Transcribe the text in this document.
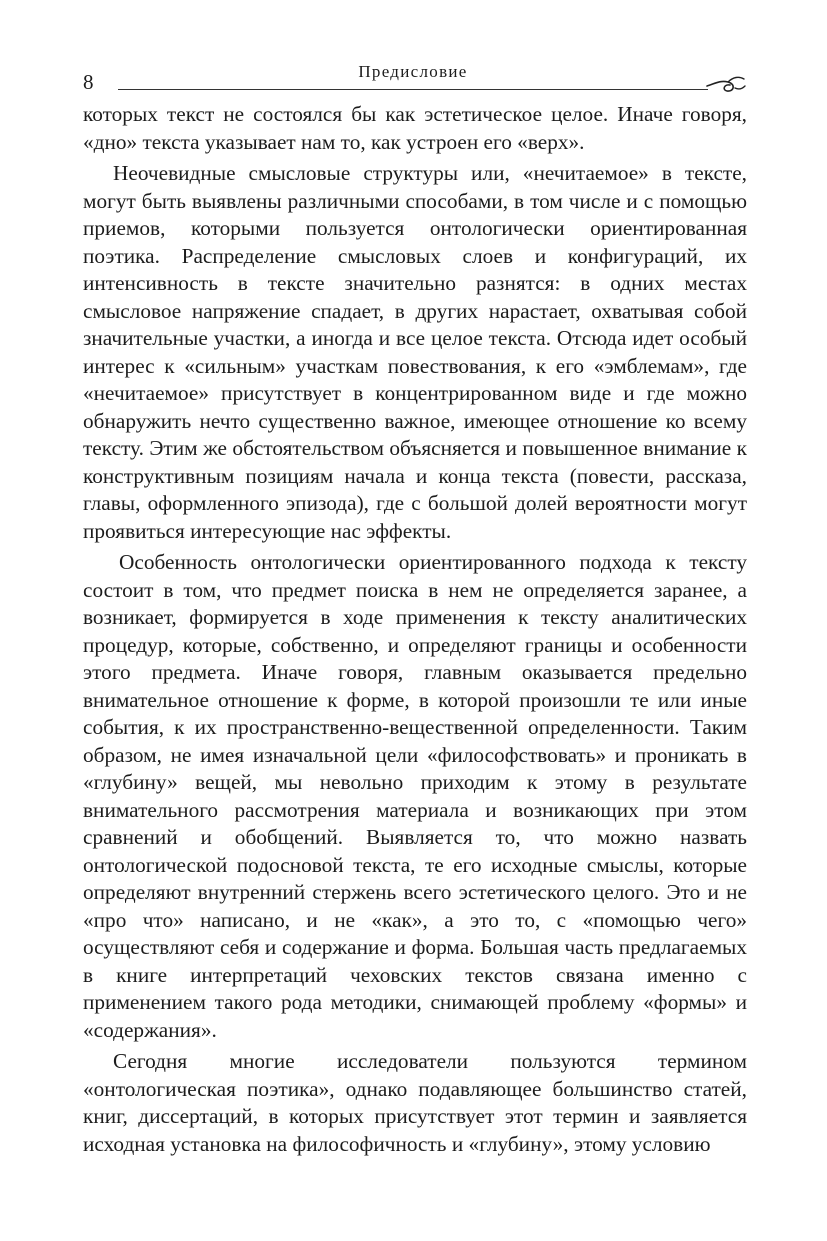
8	Предисловие

которых текст не состоялся бы как эстетическое целое. Иначе говоря, «дно» текста указывает нам то, как устроен его «верх».

Неочевидные смысловые структуры или, «нечитаемое» в тексте, могут быть выявлены различными способами, в том числе и с помощью приемов, которыми пользуется онтологически ориентированная поэтика. Распределение смысловых слоев и конфигураций, их интенсивность в тексте значительно разнятся: в одних местах смысловое напряжение спадает, в других нарастает, охватывая собой значительные участки, а иногда и все целое текста. Отсюда идет особый интерес к «сильным» участкам повествования, к его «эмблемам», где «нечитаемое» присутствует в концентрированном виде и где можно обнаружить нечто существенно важное, имеющее отношение ко всему тексту. Этим же обстоятельством объясняется и повышенное внимание к конструктивным позициям начала и конца текста (повести, рассказа, главы, оформленного эпизода), где с большой долей вероятности могут проявиться интересующие нас эффекты.

Особенность онтологически ориентированного подхода к тексту состоит в том, что предмет поиска в нем не определяется заранее, а возникает, формируется в ходе применения к тексту аналитических процедур, которые, собственно, и определяют границы и особенности этого предмета. Иначе говоря, главным оказывается предельно внимательное отношение к форме, в которой произошли те или иные события, к их пространственно-вещественной определенности. Таким образом, не имея изначальной цели «философствовать» и проникать в «глубину» вещей, мы невольно приходим к этому в результате внимательного рассмотрения материала и возникающих при этом сравнений и обобщений. Выявляется то, что можно назвать онтологической подосновой текста, те его исходные смыслы, которые определяют внутренний стержень всего эстетического целого. Это и не «про что» написано, и не «как», а это то, с «помощью чего» осуществляют себя и содержание и форма. Большая часть предлагаемых в книге интерпретаций чеховских текстов связана именно с применением такого рода методики, снимающей проблему «формы» и «содержания».

Сегодня многие исследователи пользуются термином «онтологическая поэтика», однако подавляющее большинство статей, книг, диссертаций, в которых присутствует этот термин и заявляется исходная установка на философичность и «глубину», этому условию
